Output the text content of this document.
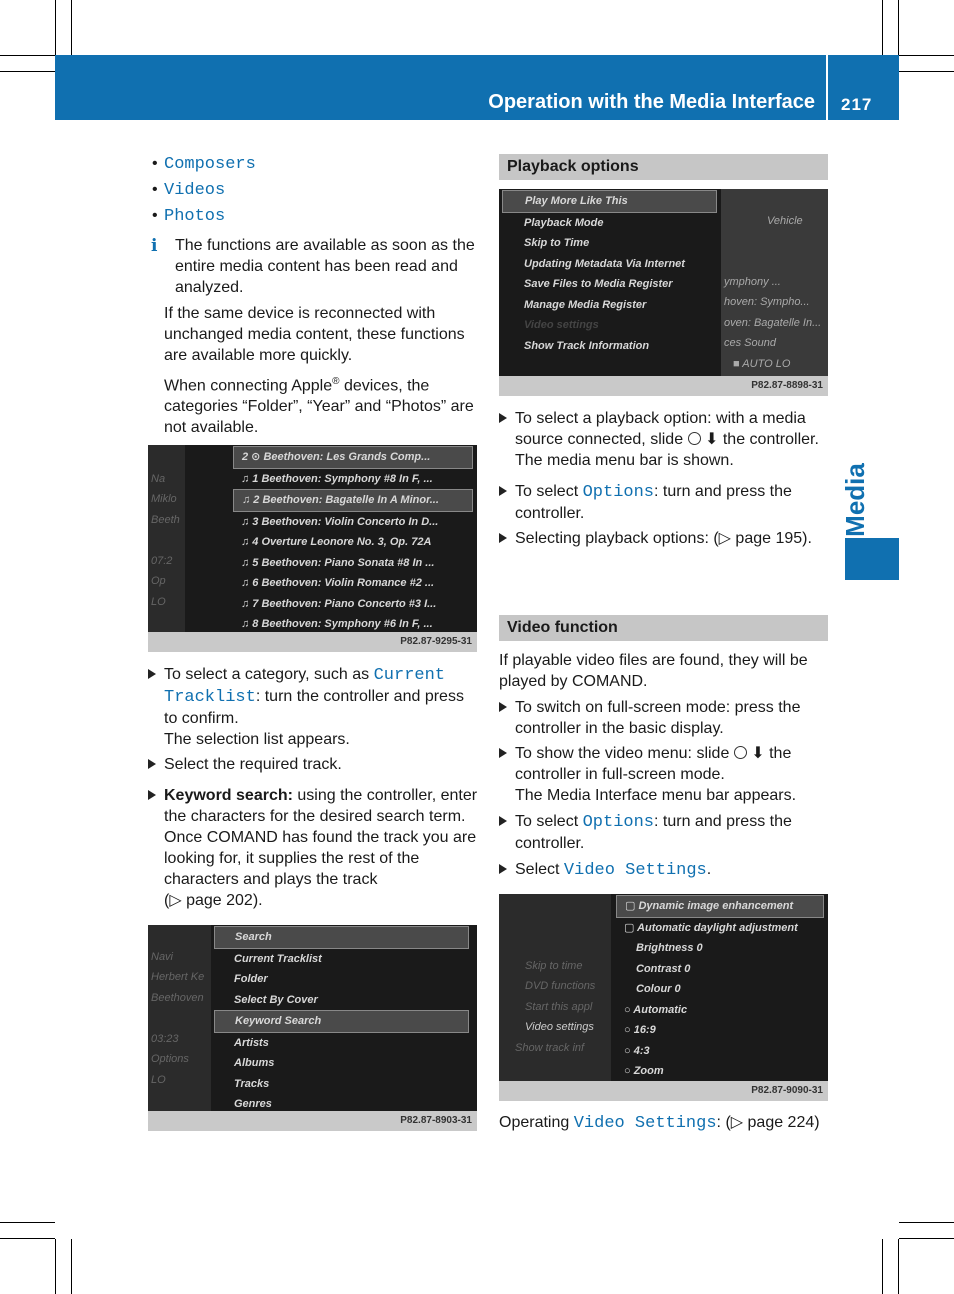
Operation with the Media Interface 217
Media
• Composers
• Videos
• Photos
i	The functions are available as soon as the entire media content has been read and analyzed.

If the same device is reconnected with unchanged media content, these functions are available more quickly.

When connecting Apple® devices, the categories “Folder”, “Year” and “Photos” are not available.

Na
Miklo
Beeth
07:2
Op
LO
2 ⊙ Beethoven: Les Grands Comp...
♫ 1 Beethoven: Symphony #8 In F, ...
♫ 2 Beethoven: Bagatelle In A Minor...
♫ 3 Beethoven: Violin Concerto In D...
♫ 4 Overture Leonore No. 3, Op. 72A
♫ 5 Beethoven: Piano Sonata #8 In ...
♫ 6 Beethoven: Violin Romance #2 ...
♫ 7 Beethoven: Piano Concerto #3 I...
♫ 8 Beethoven: Symphony #6 In F, ...
P82.87-9295-31
To select a category, such as Current Tracklist: turn the controller and press to confirm.

The selection list appears.

Select the required track.
Keyword search: using the controller, enter the characters for the desired search term. Once COMAND has found the track you are looking for, it supplies the rest of the characters and plays the track

(▷ page 202).

Navi
Herbert Ke
Beethoven
03:23
Options
LO
Search
Current Tracklist
Folder
Select By Cover
Keyword Search
Artists
Albums
Tracks
Genres
P82.87-8903-31
Playback options
Play More Like This
Playback Mode
Skip to Time
Updating Metadata Via Internet
Save Files to Media Register
Manage Media Register
Video settings
Show Track Information
Vehicle
ymphony ...
hoven: Sympho...
oven: Bagatelle In...
ces Sound
■ AUTO LO
P82.87-8898-31
To select a playback option: with a media source connected, slide  ⬇ the controller.

The media menu bar is shown.

To select Options: turn and press the controller.
Selecting playback options: (▷ page 195).
Video function

If playable video files are found, they will be played by COMAND.

To switch on full-screen mode: press the controller in the basic display.
To show the video menu: slide  ⬇ the controller in full-screen mode.

The Media Interface menu bar appears.

To select Options: turn and press the controller.
Select Video Settings.
Skip to time
DVD functions
Start this appl
Video settings
Show track inf
▢ Dynamic image enhancement
▢ Automatic daylight adjustment
Brightness 0
Contrast 0
Colour 0
○ Automatic
○ 16:9
○ 4:3
○ Zoom
P82.87-9090-31
Operating Video Settings: (▷ page 224)
